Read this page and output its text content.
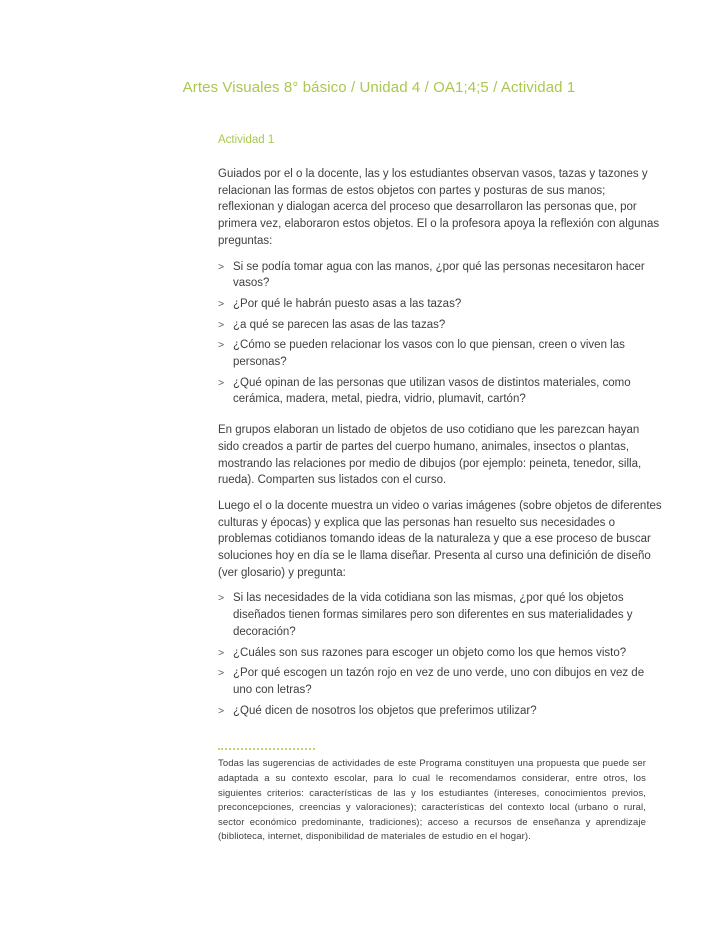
Artes Visuales 8° básico / Unidad 4 / OA1;4;5 / Actividad 1
Actividad 1

Guiados por el o la docente, las y los estudiantes observan vasos, tazas y tazones y relacionan las formas de estos objetos con partes y posturas de sus manos; reflexionan y dialogan acerca del proceso que desarrollaron las personas que, por primera vez, elaboraron estos objetos. El o la profesora apoya la reflexión con algunas preguntas:

> Si se podía tomar agua con las manos, ¿por qué las personas necesitaron hacer vasos?
> ¿Por qué le habrán puesto asas a las tazas?
> ¿a qué se parecen las asas de las tazas?
> ¿Cómo se pueden relacionar los vasos con lo que piensan, creen o viven las personas?
> ¿Qué opinan de las personas que utilizan vasos de distintos materiales, como cerámica, madera, metal, piedra, vidrio, plumavit, cartón?

En grupos elaboran un listado de objetos de uso cotidiano que les parezcan hayan sido creados a partir de partes del cuerpo humano, animales, insectos o plantas, mostrando las relaciones por medio de dibujos (por ejemplo: peineta, tenedor, silla, rueda). Comparten sus listados con el curso.

Luego el o la docente muestra un video o varias imágenes (sobre objetos de diferentes culturas y épocas) y explica que las personas han resuelto sus necesidades o problemas cotidianos tomando ideas de la naturaleza y que a ese proceso de buscar soluciones hoy en día se le llama diseñar. Presenta al curso una definición de diseño (ver glosario) y pregunta:

> Si las necesidades de la vida cotidiana son las mismas, ¿por qué los objetos diseñados tienen formas similares pero son diferentes en sus materialidades y decoración?
> ¿Cuáles son sus razones para escoger un objeto como los que hemos visto?
> ¿Por qué escogen un tazón rojo en vez de uno verde, uno con dibujos en vez de uno con letras?
> ¿Qué dicen de nosotros los objetos que preferimos utilizar?

Todas las sugerencias de actividades de este Programa constituyen una propuesta que puede ser adaptada a su contexto escolar, para lo cual le recomendamos considerar, entre otros, los siguientes criterios: características de las y los estudiantes (intereses, conocimientos previos, preconcepciones, creencias y valoraciones); características del contexto local (urbano o rural, sector económico predominante, tradiciones); acceso a recursos de enseñanza y aprendizaje (biblioteca, internet, disponibilidad de materiales de estudio en el hogar).
